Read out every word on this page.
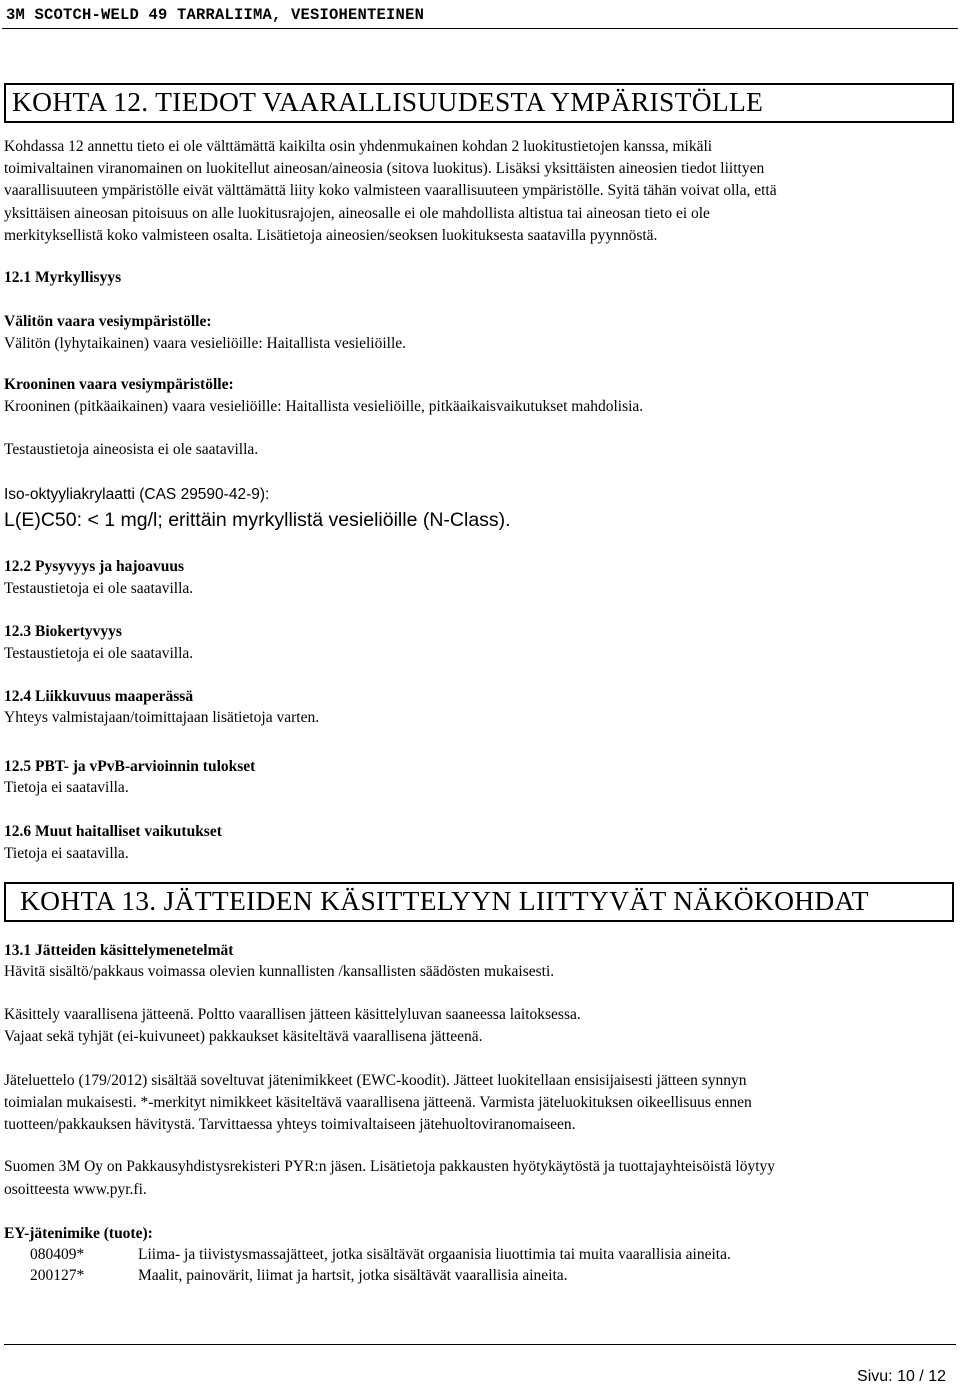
3M SCOTCH-WELD 49 TARRALIIMA, VESIOHENTEINEN
KOHTA 12. TIEDOT VAARALLISUUDESTA YMPÄRISTÖLLE
Kohdassa 12 annettu tieto ei ole välttämättä kaikilta osin yhdenmukainen kohdan 2 luokitustietojen kanssa, mikäli
toimivaltainen viranomainen on luokitellut aineosan/aineosia (sitova luokitus). Lisäksi yksittäisten aineosien tiedot liittyen
vaarallisuuteen ympäristölle eivät välttämättä liity koko valmisteen vaarallisuuteen ympäristölle. Syitä tähän voivat olla, että
yksittäisen aineosan pitoisuus on alle luokitusrajojen, aineosalle ei ole mahdollista altistua tai aineosan tieto ei ole
merkityksellistä koko valmisteen osalta. Lisätietoja aineosien/seoksen luokituksesta saatavilla pyynnöstä.
12.1 Myrkyllisyys
Välitön vaara vesiympäristölle:
Välitön (lyhytaikainen) vaara vesieliöille: Haitallista vesieliöille.
Krooninen vaara vesiympäristölle:
Krooninen (pitkäaikainen) vaara vesieliöille: Haitallista vesieliöille, pitkäaikaisvaikutukset mahdolisia.
Testaustietoja aineosista ei ole saatavilla.
Iso-oktyyliakrylaatti (CAS 29590-42-9):
L(E)C50: < 1 mg/l; erittäin myrkyllistä vesieliöille (N-Class).
12.2 Pysyvyys ja hajoavuus
Testaustietoja ei ole saatavilla.
12.3 Biokertyvyys
Testaustietoja ei ole saatavilla.
12.4 Liikkuvuus maaperässä
Yhteys valmistajaan/toimittajaan lisätietoja varten.
12.5 PBT- ja vPvB-arvioinnin tulokset
Tietoja ei saatavilla.
12.6 Muut haitalliset vaikutukset
Tietoja ei saatavilla.
KOHTA 13. JÄTTEIDEN KÄSITTELYYN LIITTYVÄT NÄKÖKOHDAT
13.1 Jätteiden käsittelymenetelmät
Hävitä sisältö/pakkaus voimassa olevien kunnallisten /kansallisten säädösten mukaisesti.
Käsittely vaarallisena jätteenä. Poltto vaarallisen jätteen käsittelyluvan saaneessa laitoksessa.
Vajaat sekä tyhjät (ei-kuivuneet) pakkaukset käsiteltävä vaarallisena jätteenä.
Jäteluettelo (179/2012) sisältää soveltuvat jätenimikkeet (EWC-koodit). Jätteet luokitellaan ensisijaisesti jätteen synnyn
toimialan mukaisesti. *-merkityt nimikkeet käsiteltävä vaarallisena jätteenä. Varmista jäteluokituksen oikeellisuus ennen
tuotteen/pakkauksen hävitystä. Tarvittaessa yhteys toimivaltaiseen jätehuoltoviranomaiseen.
Suomen 3M Oy on Pakkausyhdistysrekisteri PYR:n jäsen. Lisätietoja pakkausten hyötykäytöstä ja tuottajayhteisöistä löytyy
osoitteesta www.pyr.fi.
EY-jätenimike (tuote):
080409*	Liima- ja tiivistysmassajätteet, jotka sisältävät orgaanisia liuottimia tai muita vaarallisia aineita.
200127*	Maalit, painovärit, liimat ja hartsit, jotka sisältävät vaarallisia aineita.
Sivu: 10 / 12
